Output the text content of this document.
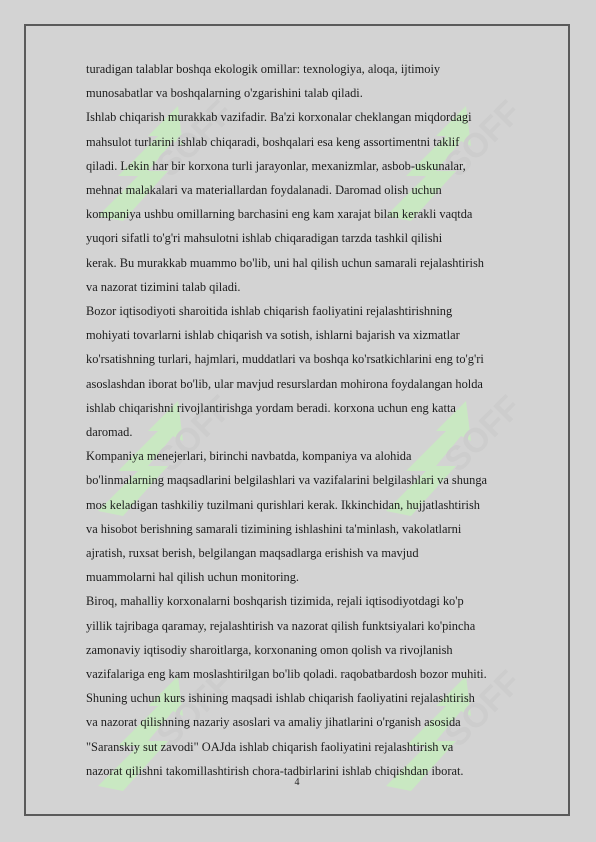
SOFF	SOFF
SOFF	SOFF
SOFF	SOFF
turadigan talablar boshqa ekologik omillar: texnologiya, aloqa, ijtimoiy
munosabatlar va boshqalarning o'zgarishini talab qiladi.
Ishlab chiqarish murakkab vazifadir. Ba'zi korxonalar cheklangan miqdordagi
mahsulot turlarini ishlab chiqaradi, boshqalari esa keng assortimentni taklif
qiladi. Lekin har bir korxona turli jarayonlar, mexanizmlar, asbob-uskunalar,
mehnat malakalari va materiallardan foydalanadi. Daromad olish uchun
kompaniya ushbu omillarning barchasini eng kam xarajat bilan kerakli vaqtda
yuqori sifatli to'g'ri mahsulotni ishlab chiqaradigan tarzda tashkil qilishi
kerak. Bu murakkab muammo bo'lib, uni hal qilish uchun samarali rejalashtirish
va nazorat tizimini talab qiladi.
Bozor iqtisodiyoti sharoitida ishlab chiqarish faoliyatini rejalashtirishning
mohiyati tovarlarni ishlab chiqarish va sotish, ishlarni bajarish va xizmatlar
ko'rsatishning turlari, hajmlari, muddatlari va boshqa ko'rsatkichlarini eng to'g'ri
asoslashdan iborat bo'lib, ular mavjud resurslardan mohirona foydalangan holda
ishlab chiqarishni rivojlantirishga yordam beradi. korxona uchun eng katta
daromad.
Kompaniya menejerlari, birinchi navbatda, kompaniya va alohida
bo'linmalarning maqsadlarini belgilashlari va vazifalarini belgilashlari va shunga
mos keladigan tashkiliy tuzilmani qurishlari kerak. Ikkinchidan, hujjatlashtirish
va hisobot berishning samarali tizimining ishlashini ta'minlash, vakolatlarni
ajratish, ruxsat berish, belgilangan maqsadlarga erishish va mavjud
muammolarni hal qilish uchun monitoring.
Biroq, mahalliy korxonalarni boshqarish tizimida, rejali iqtisodiyotdagi ko'p
yillik tajribaga qaramay, rejalashtirish va nazorat qilish funktsiyalari ko'pincha
zamonaviy iqtisodiy sharoitlarga, korxonaning omon qolish va rivojlanish
vazifalariga eng kam moslashtirilgan bo'lib qoladi. raqobatbardosh bozor muhiti.
Shuning uchun kurs ishining maqsadi ishlab chiqarish faoliyatini rejalashtirish
va nazorat qilishning nazariy asoslari va amaliy jihatlarini o'rganish asosida
"Saranskiy sut zavodi" OAJda ishlab chiqarish faoliyatini rejalashtirish va
nazorat qilishni takomillashtirish chora-tadbirlarini ishlab chiqishdan iborat.
4
